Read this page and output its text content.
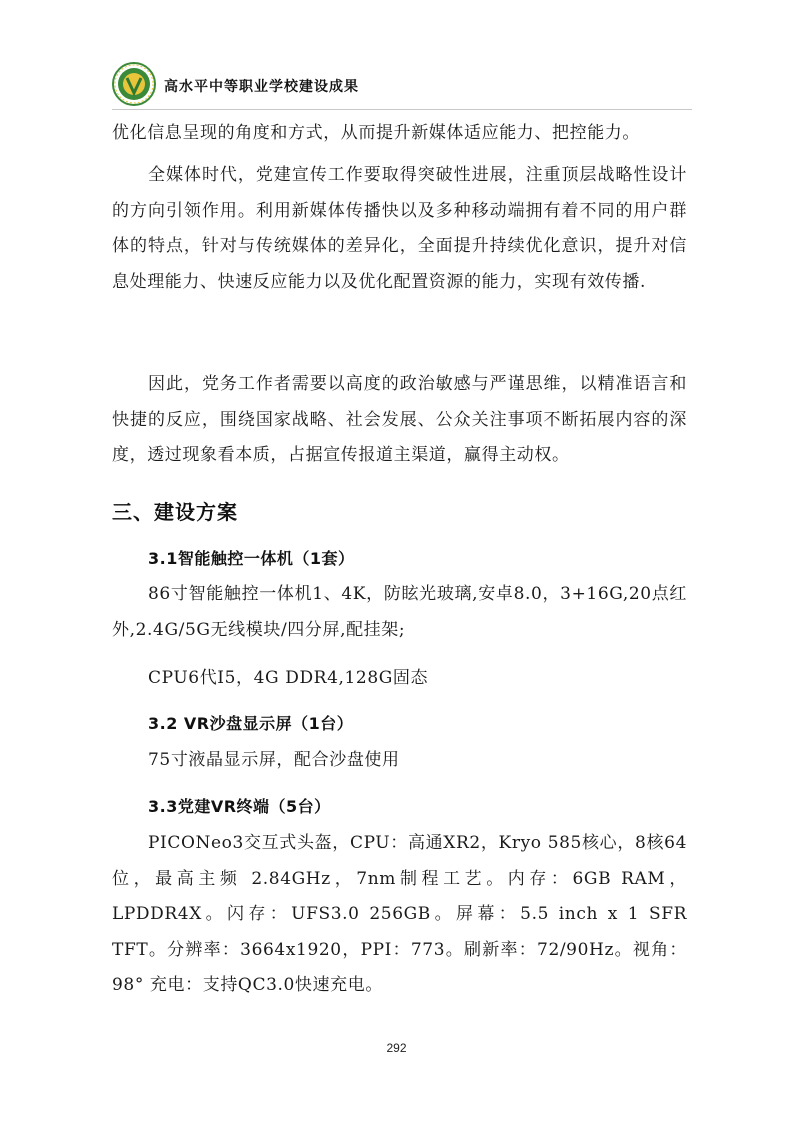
高水平中等职业学校建设成果

优化信息呈现的角度和方式，从而提升新媒体适应能力、把控能力。

全媒体时代，党建宣传工作要取得突破性进展，注重顶层战略性设计的方向引领作用。利用新媒体传播快以及多种移动端拥有着不同的用户群体的特点，针对与传统媒体的差异化，全面提升持续优化意识，提升对信息处理能力、快速反应能力以及优化配置资源的能力，实现有效传播.

因此，党务工作者需要以高度的政治敏感与严谨思维，以精准语言和快捷的反应，围绕国家战略、社会发展、公众关注事项不断拓展内容的深度，透过现象看本质，占据宣传报道主渠道，赢得主动权。

三、建设方案
3.1智能触控一体机（1套）

86寸智能触控一体机1、4K，防眩光玻璃,安卓8.0，3+16G,20点红外,2.4G/5G无线模块/四分屏,配挂架;

CPU6代I5，4G DDR4,128G固态

3.2 VR沙盘显示屏（1台）

75寸液晶显示屏，配合沙盘使用

3.3党建VR终端（5台）

PICONeo3交互式头盔，CPU：高通XR2，Kryo 585核心，8核64位，最高主频 2.84GHz，7nm制程工艺。内存：6GB RAM，LPDDR4X。闪存：UFS3.0 256GB。屏幕：5.5 inch x 1 SFR TFT。分辨率：3664x1920，PPI：773。刷新率：72/90Hz。视角：98° 充电：支持QC3.0快速充电。

292
